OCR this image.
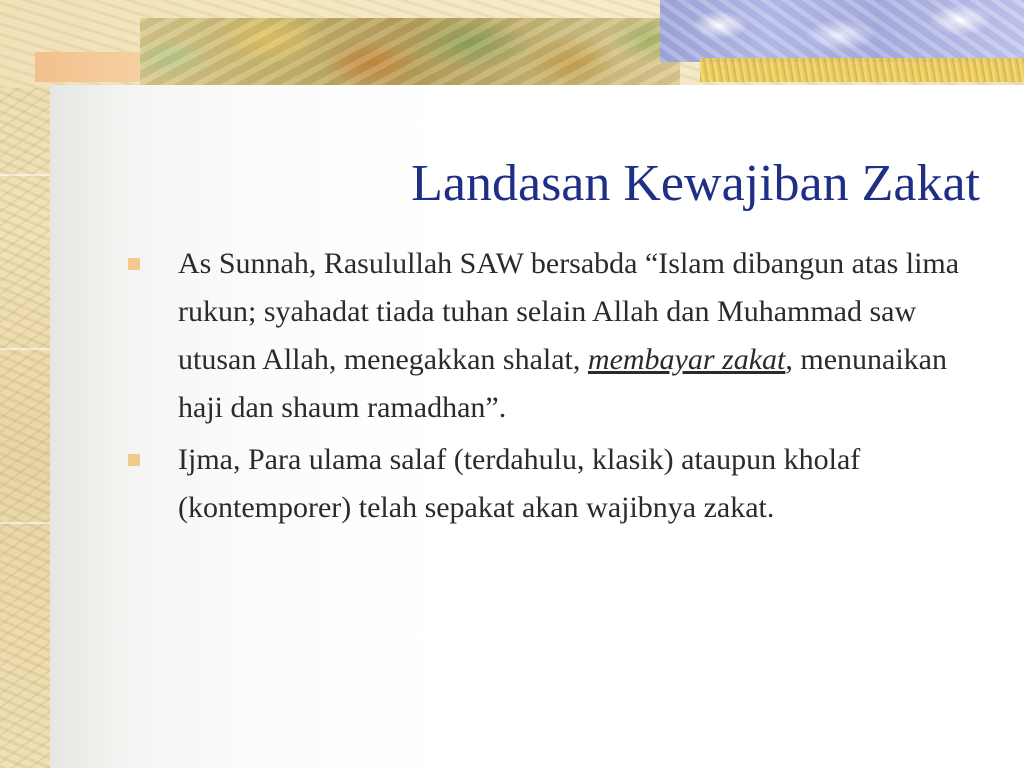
Landasan Kewajiban Zakat
As Sunnah, Rasulullah SAW bersabda “Islam dibangun atas lima rukun; syahadat tiada tuhan selain Allah dan Muhammad saw utusan Allah, menegakkan shalat, membayar zakat, menunaikan haji dan shaum ramadhan”.
Ijma, Para ulama salaf (terdahulu, klasik) ataupun kholaf (kontemporer) telah sepakat akan wajibnya zakat.
